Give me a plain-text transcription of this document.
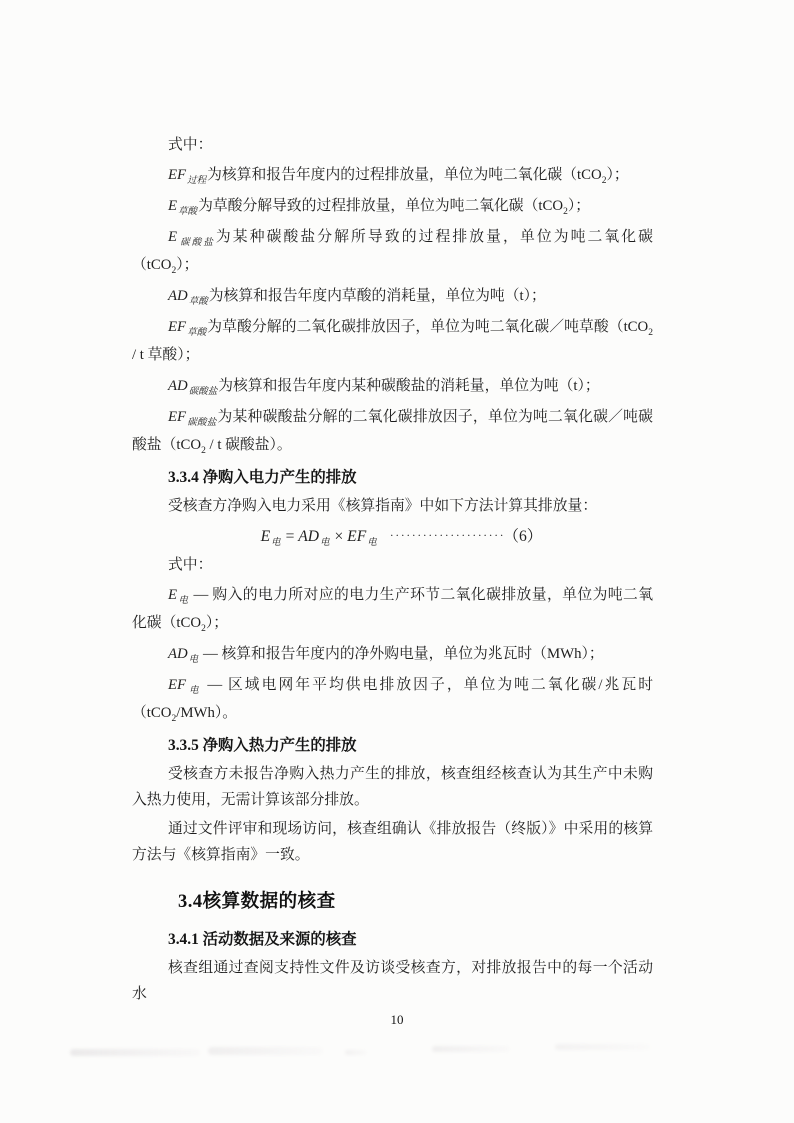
式中：

$EF_{过程}$为核算和报告年度内的过程排放量，单位为吨二氧化碳（tCO$_2$）；

$E_{草酸}$为草酸分解导致的过程排放量，单位为吨二氧化碳（tCO$_2$）；

$E_{碳酸盐}$为某种碳酸盐分解所导致的过程排放量，单位为吨二氧化碳（tCO$_2$）；

$AD_{草酸}$为核算和报告年度内草酸的消耗量，单位为吨（t）；

$EF_{草酸}$为草酸分解的二氧化碳排放因子，单位为吨二氧化碳／吨草酸（tCO$_2$ / t 草酸）；

$AD_{碳酸盐}$为核算和报告年度内某种碳酸盐的消耗量，单位为吨（t）；

$EF_{碳酸盐}$为某种碳酸盐分解的二氧化碳排放因子，单位为吨二氧化碳／吨碳酸盐（tCO$_2$ / t 碳酸盐）。

3.3.4 净购入电力产生的排放

受核查方净购入电力采用《核算指南》中如下方法计算其排放量：

$E_电 = AD_电 \times EF_电\cdot\cdot\cdot\cdot\cdot\cdot\cdot\cdot\cdot\cdot\cdot\cdot\cdot\cdot\cdot\cdot\cdot\cdot\cdot\cdot\cdot (6)$

式中：

$E_电$ — 购入的电力所对应的电力生产环节二氧化碳排放量，单位为吨二氧化碳（tCO$_2$）；

$AD_电$ — 核算和报告年度内的净外购电量，单位为兆瓦时（MWh）；

$EF_电$ — 区域电网年平均供电排放因子，单位为吨二氧化碳/兆瓦时（tCO$_2$/MWh）。

3.3.5 净购入热力产生的排放

受核查方未报告净购入热力产生的排放，核查组经核查认为其生产中未购入热力使用，无需计算该部分排放。

通过文件评审和现场访问，核查组确认《排放报告（终版）》中采用的核算方法与《核算指南》一致。

3.4核算数据的核查
3.4.1 活动数据及来源的核查

核查组通过查阅支持性文件及访谈受核查方，对排放报告中的每一个活动水

10
